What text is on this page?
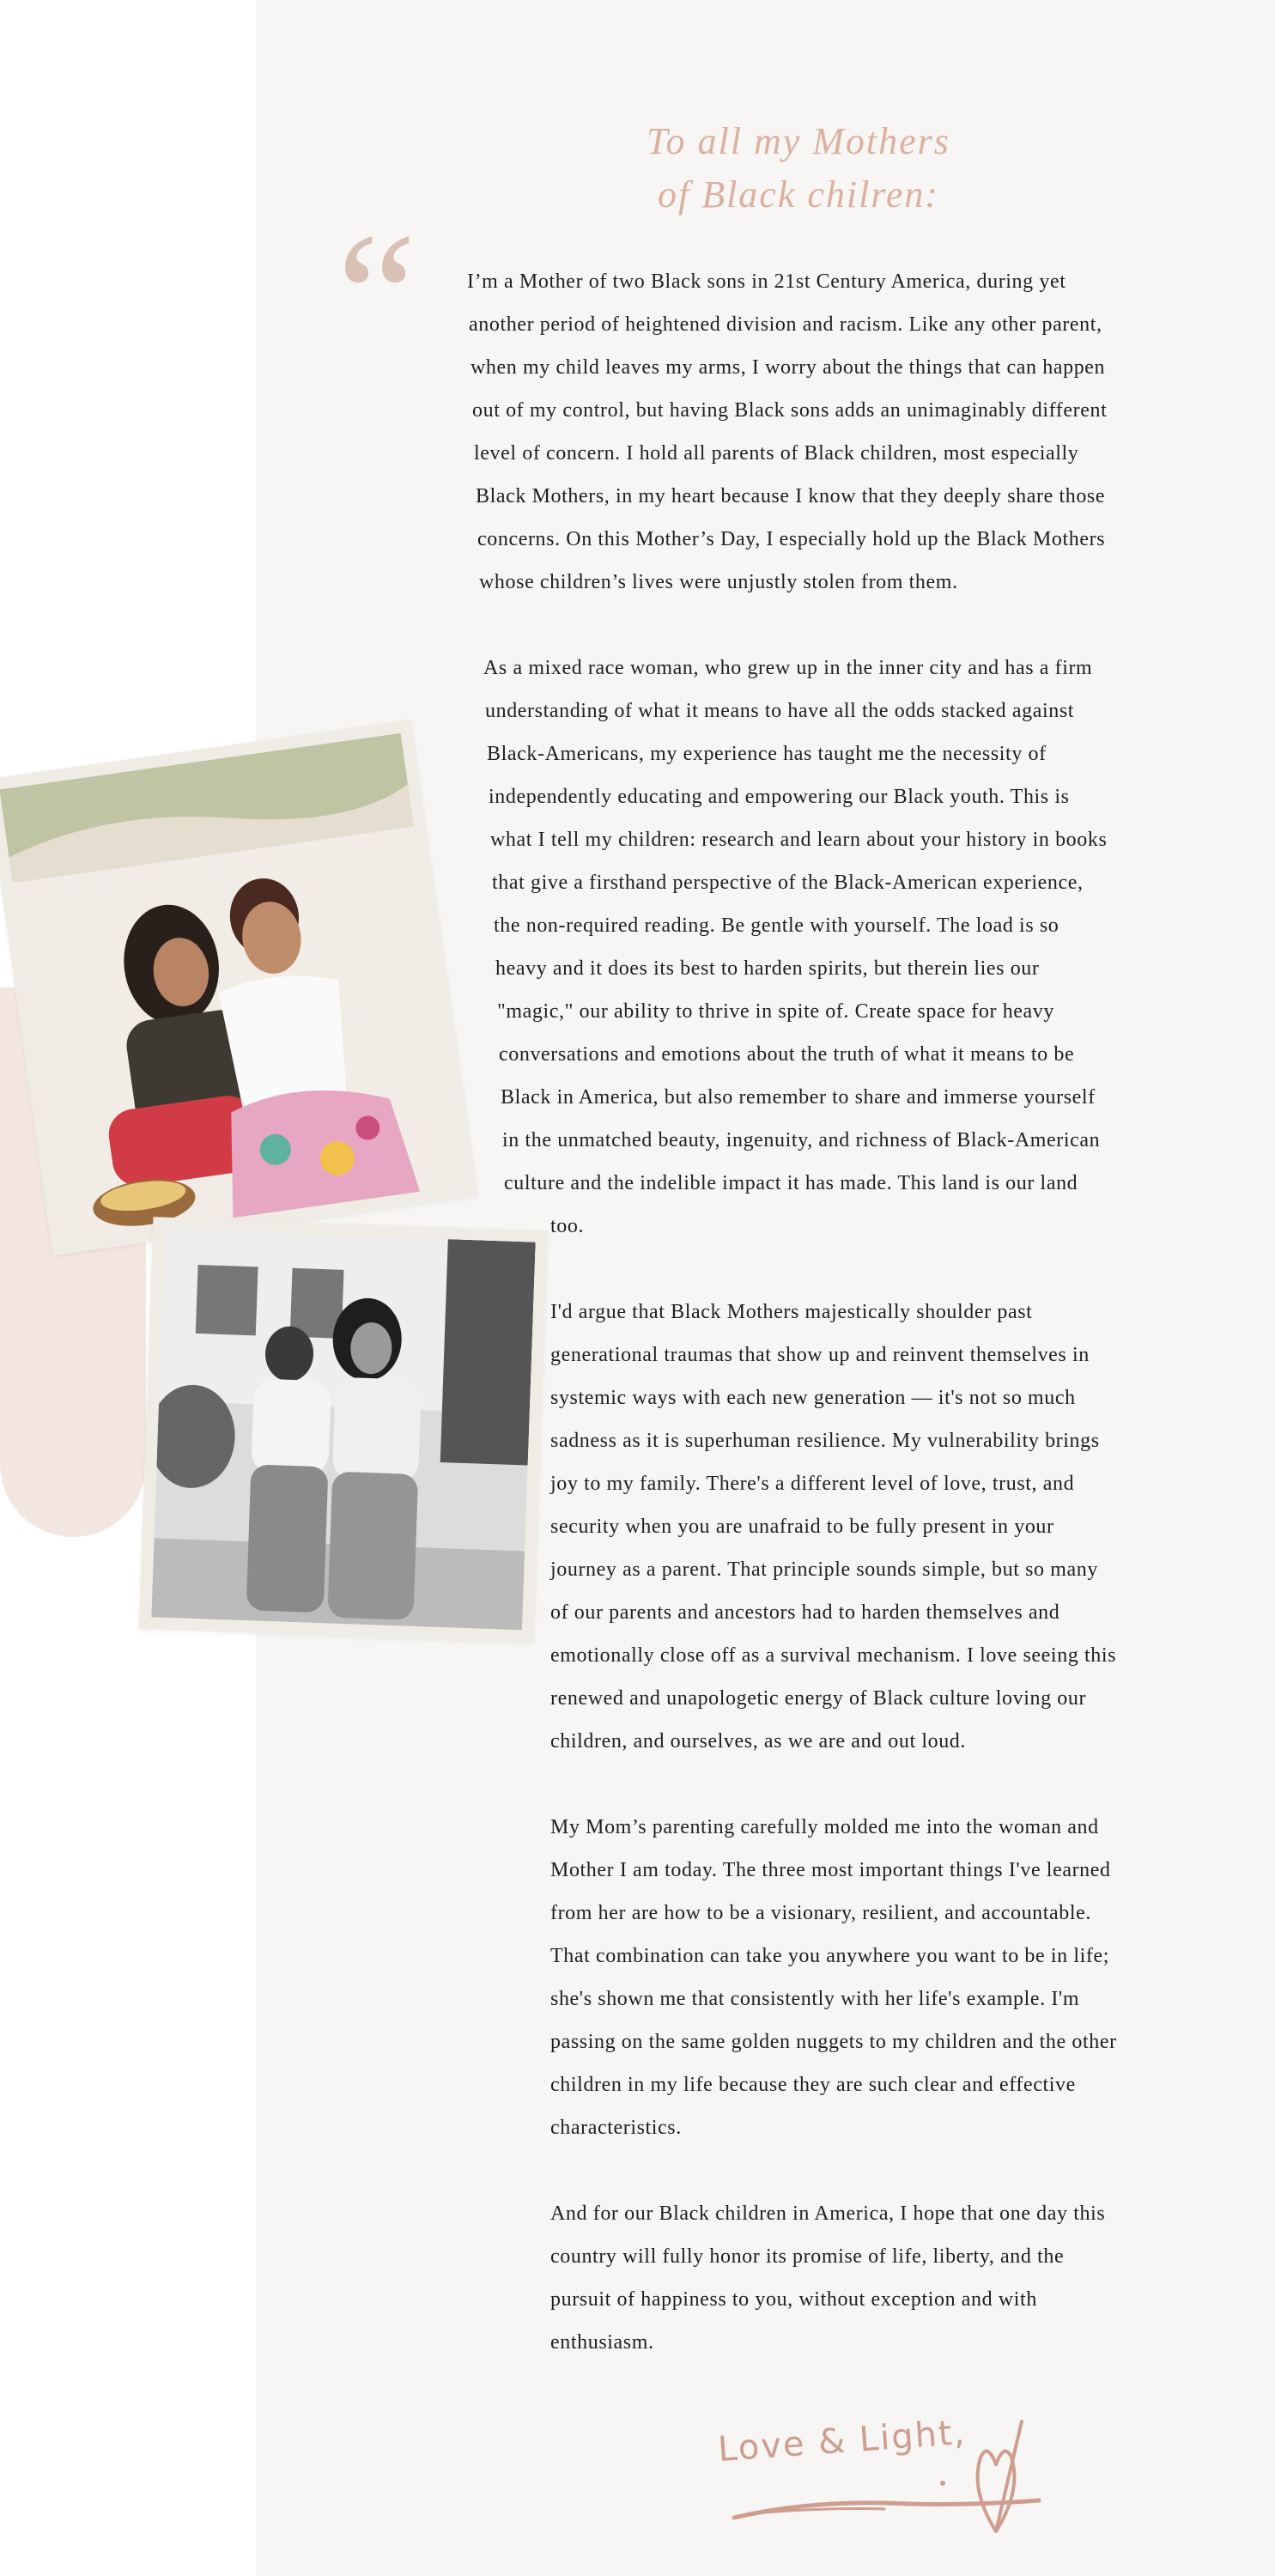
To all my Mothers
of Black chilren:
“ I’m a Mother of two Black sons in 21st Century America, during yet
another period of heightened division and racism. Like any other parent,
when my child leaves my arms, I worry about the things that can happen
out of my control, but having Black sons adds an unimaginably different
level of concern. I hold all parents of Black children, most especially
Black Mothers, in my heart because I know that they deeply share those
concerns. On this Mother’s Day, I especially hold up the Black Mothers
whose children’s lives were unjustly stolen from them.
As a mixed race woman, who grew up in the inner city and has a firm
understanding of what it means to have all the odds stacked against
Black-Americans, my experience has taught me the necessity of
independently educating and empowering our Black youth. This is
what I tell my children: research and learn about your history in books
that give a firsthand perspective of the Black-American experience,
the non-required reading. Be gentle with yourself. The load is so
heavy and it does its best to harden spirits, but therein lies our
"magic," our ability to thrive in spite of. Create space for heavy
conversations and emotions about the truth of what it means to be
Black in America, but also remember to share and immerse yourself
in the unmatched beauty, ingenuity, and richness of Black-American
culture and the indelible impact it has made. This land is our land
too.
I'd argue that Black Mothers majestically shoulder past
generational traumas that show up and reinvent themselves in
systemic ways with each new generation — it's not so much
sadness as it is superhuman resilience. My vulnerability brings
joy to my family. There's a different level of love, trust, and
security when you are unafraid to be fully present in your
journey as a parent. That principle sounds simple, but so many
of our parents and ancestors had to harden themselves and
emotionally close off as a survival mechanism. I love seeing this
renewed and unapologetic energy of Black culture loving our
children, and ourselves, as we are and out loud.
My Mom’s parenting carefully molded me into the woman and
Mother I am today. The three most important things I've learned
from her are how to be a visionary, resilient, and accountable.
That combination can take you anywhere you want to be in life;
she's shown me that consistently with her life's example. I'm
passing on the same golden nuggets to my children and the other
children in my life because they are such clear and effective
characteristics.
And for our Black children in America, I hope that one day this
country will fully honor its promise of life, liberty, and the
pursuit of happiness to you, without exception and with
enthusiasm.
Love & Light,
